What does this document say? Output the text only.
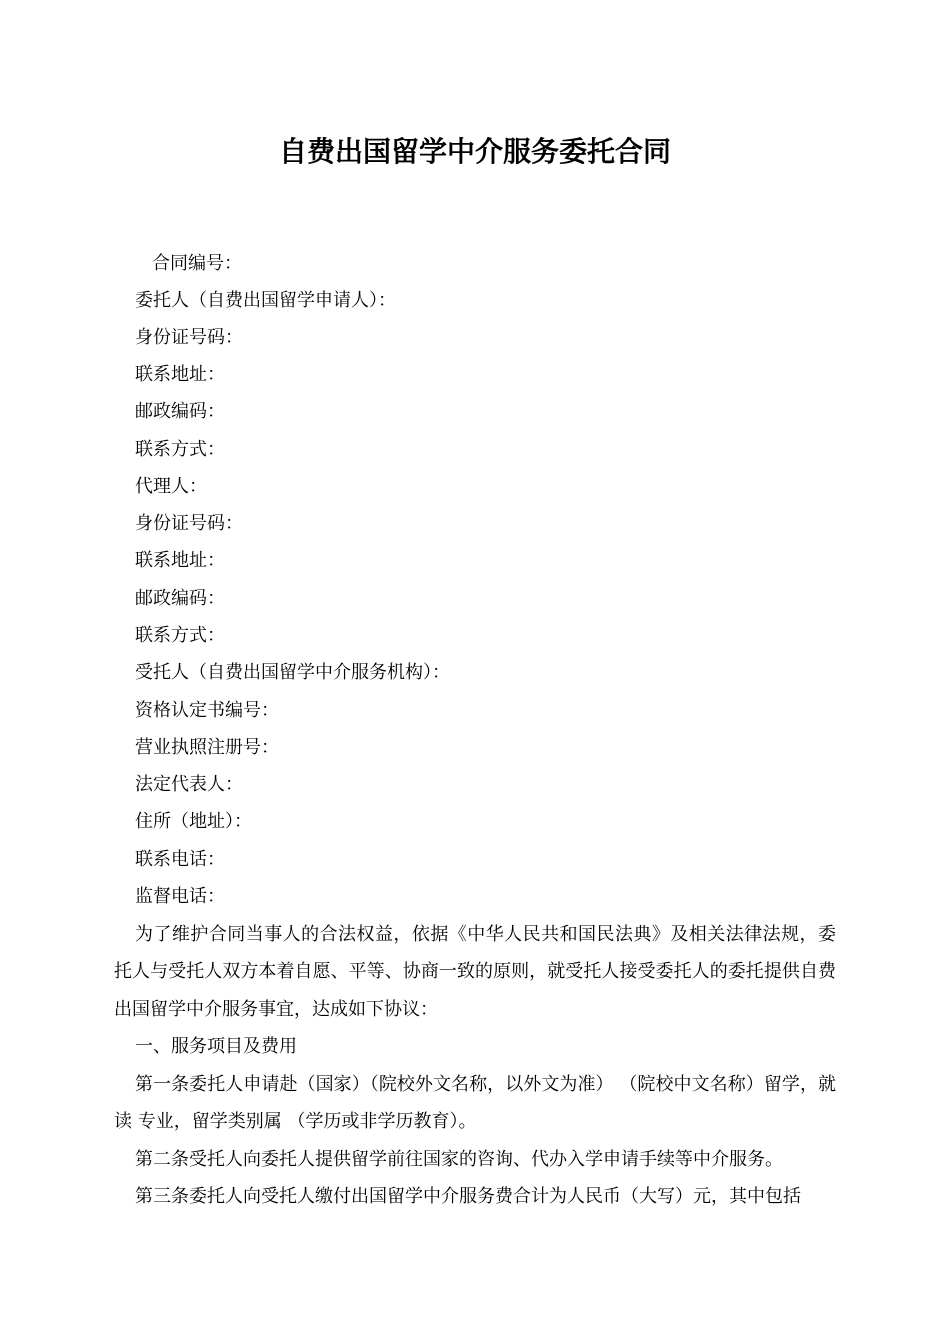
自费出国留学中介服务委托合同
合同编号：
委托人（自费出国留学申请人）：
身份证号码：
联系地址：
邮政编码：
联系方式：
代理人：
身份证号码：
联系地址：
邮政编码：
联系方式：
受托人（自费出国留学中介服务机构）：
资格认定书编号：
营业执照注册号：
法定代表人：
住所（地址）：
联系电话：
监督电话：
为了维护合同当事人的合法权益，依据《中华人民共和国民法典》及相关法律法规，委托人与受托人双方本着自愿、平等、协商一致的原则，就受托人接受委托人的委托提供自费出国留学中介服务事宜，达成如下协议：
一、服务项目及费用
第一条委托人申请赴（国家）（院校外文名称，以外文为准） （院校中文名称）留学，就读 专业，留学类别属 （学历或非学历教育）。
第二条受托人向委托人提供留学前往国家的咨询、代办入学申请手续等中介服务。
第三条委托人向受托人缴付出国留学中介服务费合计为人民币（大写）元，其中包括
